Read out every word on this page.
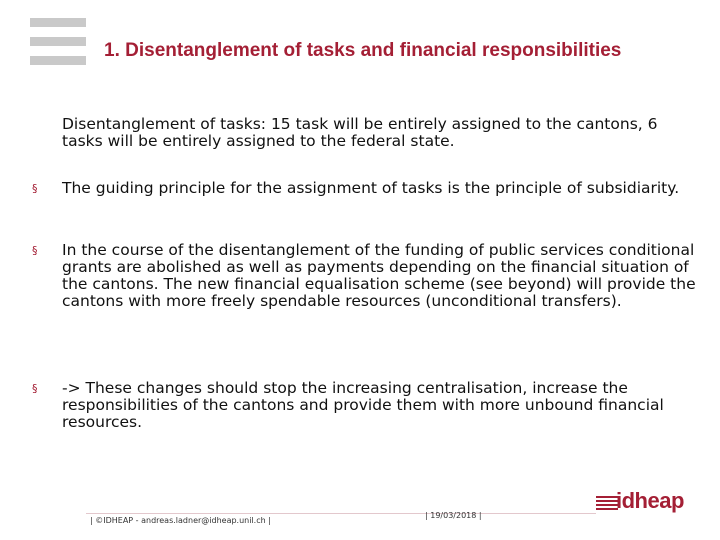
1. Disentanglement of tasks and financial responsibilities
Disentanglement of tasks: 15 task will be entirely assigned to the cantons, 6 tasks will be entirely assigned to the federal state.
§	The guiding principle for the assignment of tasks is the principle of subsidiarity.
§	In the course of the disentanglement of the funding of public services conditional grants are abolished as well as payments depending on the financial situation of the cantons. The new financial equalisation scheme (see beyond) will provide the cantons with more freely spendable resources (unconditional transfers).
§	-> These changes should stop the increasing centralisation, increase the responsibilities of the cantons and provide them with more unbound financial resources.
| ©IDHEAP - andreas.ladner@idheap.unil.ch |
| 19/03/2018 |
idheap
